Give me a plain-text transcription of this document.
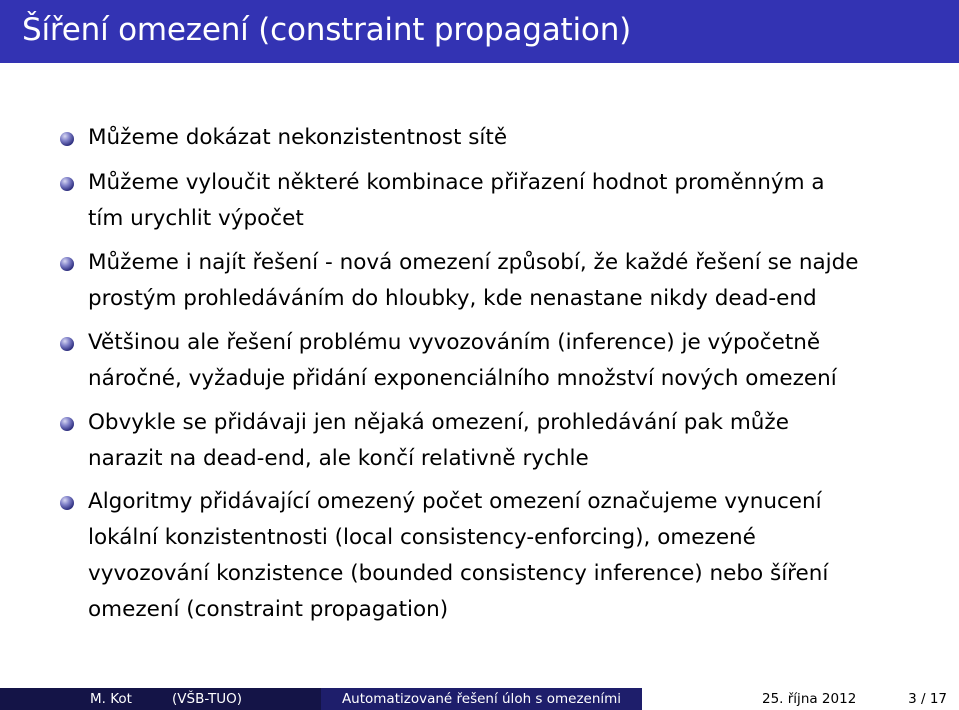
Šíření omezení (constraint propagation)
Můžeme dokázat nekonzistentnost sítě
Můžeme vyloučit některé kombinace přiřazení hodnot proměnným a
tím urychlit výpočet
Můžeme i najít řešení - nová omezení způsobí, že každé řešení se najde
prostým prohledáváním do hloubky, kde nenastane nikdy dead-end
Většinou ale řešení problému vyvozováním (inference) je výpočetně
náročné, vyžaduje přidání exponenciálního množství nových omezení
Obvykle se přidávaji jen nějaká omezení, prohledávání pak může
narazit na dead-end, ale končí relativně rychle
Algoritmy přidávající omezený počet omezení označujeme vynucení
lokální konzistentnosti (local consistency-enforcing), omezené
vyvozování konzistence (bounded consistency inference) nebo šíření
omezení (constraint propagation)
M. Kot	(VŠB-TUO)	Automatizované řešení úloh s omezeními	25. října 2012	3 / 17
